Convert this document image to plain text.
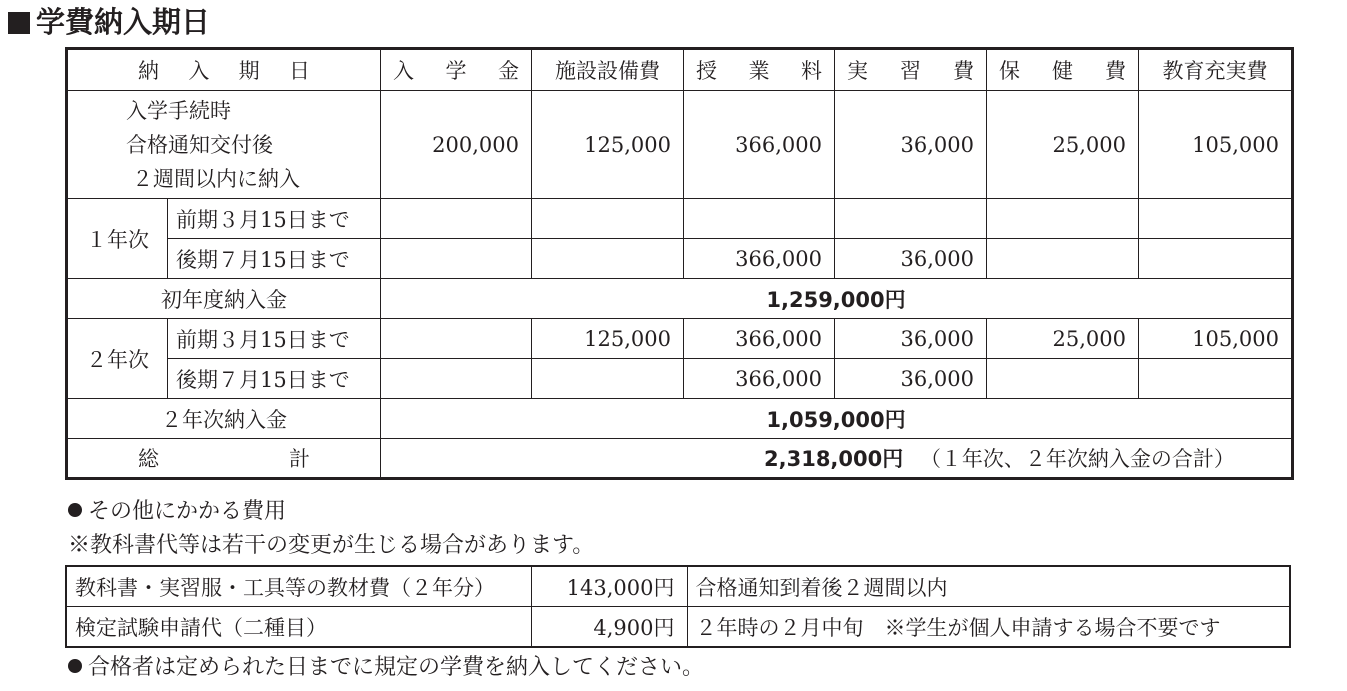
学費納入期日
納入期日		入学金	施設設備費	授業料	実習費	保健費	教育充実費

入学手続時
合格通知交付後
２週間以内に納入		200,000	125,000	366,000	36,000	25,000	105,000
１年次	前期３月15日まで						
	後期７月15日まで			366,000	36,000		
初年度納入金		1,259,000円					
２年次	前期３月15日まで		125,000	366,000	36,000	25,000	105,000
	後期７月15日まで			366,000	36,000		
２年次納入金		1,059,000円					
総計		2,318,000円 （１年次、２年次納入金の合計）					
その他にかかる費用
※教科書代等は若干の変更が生じる場合があります。
教科書・実習服・工具等の教材費（２年分）	143,000円	合格通知到着後２週間以内
検定試験申請代（二種目）	4,900円	２年時の２月中旬　※学生が個人申請する場合不要です
合格者は定められた日までに規定の学費を納入してください。
